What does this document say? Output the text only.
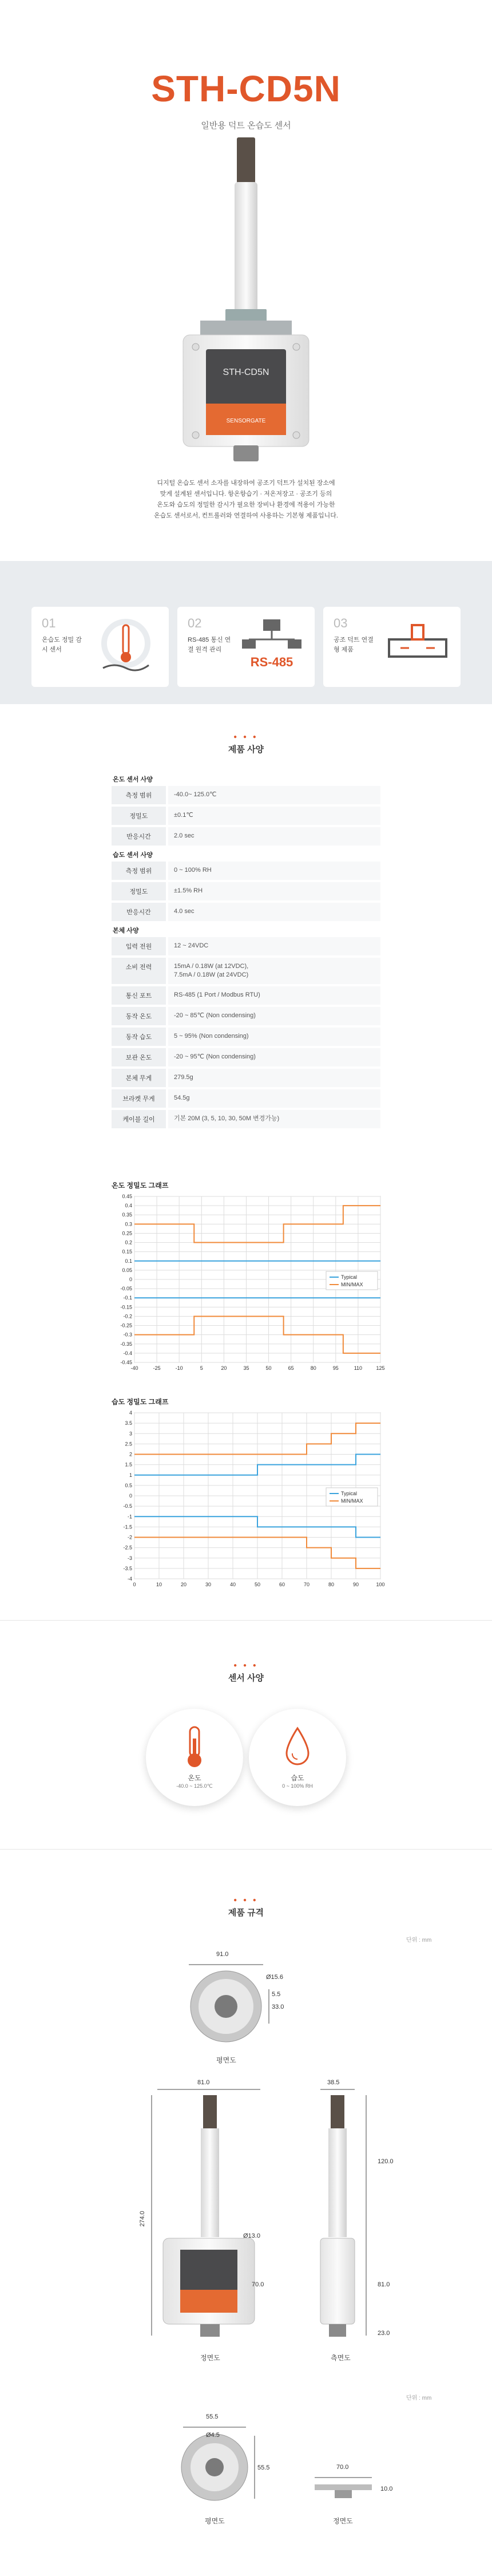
STH-CD5N
일반용 덕트 온습도 센서
STH-CD5N
SENSORGATE
디지털 온습도 센서 소자를 내장하여 공조기 덕트가 설치된 장소에
맞게 설계된 센서입니다. 항온항습기 · 저온저장고 · 공조기 등의
온도와 습도의 정밀한 감시가 필요한 장비나 환경에 적용이 가능한
온습도 센서로서, 컨트롤러와 연결하여 사용하는 기본형 제품입니다.
01
온습도 정밀 감시 센서
02
RS-485 통신 연결 원격 관리
RS-485
03
공조 덕트 연결형 제품
● ● ●
제품 사양
온도 센서 사양
측정 범위	-40.0~ 125.0℃
정밀도	±0.1℃
반응시간	2.0 sec
습도 센서 사양
측정 범위	0 ~ 100% RH
정밀도	±1.5% RH
반응시간	4.0 sec
본체 사양
입력 전원	12 ~ 24VDC
소비 전력	15mA / 0.18W (at 12VDC),
7.5mA / 0.18W (at 24VDC)
통신 포트	RS-485 (1 Port / Modbus RTU)
동작 온도	-20 ~ 85℃ (Non condensing)
동작 습도	5 ~ 95% (Non condensing)
보관 온도	-20 ~ 95℃ (Non condensing)
본체 무게	279.5g
브라켓 무게	54.5g
케이블 길이	기본 20M (3, 5, 10, 30, 50M 변경가능)
온도 정밀도 그래프
0.45
0.4
0.35
0.3
0.25
0.2
0.15
0.1
0.05
0
-0.05
-0.1
-0.15
-0.2
-0.25
-0.3
-0.35
-0.4
-0.45
-40	-25	-10	5	20	35	50	65	80	95	110	125
Typical
MIN/MAX
습도 정밀도 그래프
4
3.5
3
2.5
2
1.5
1
0.5
0
-0.5
-1
-1.5
-2
-2.5
-3
-3.5
-4
0	10	20	30	40	50	60	70	80	90	100
Typical
MIN/MAX
● ● ●
센서 사양
온도
-40.0 ~ 125.0℃
습도
0 ~ 100% RH
● ● ●
제품 규격
단위 : mm
91.0
Ø15.6
5.5
33.0
평면도
81.0
274.0
Ø13.0
70.0
정면도
38.5
120.0
81.0
23.0
측면도
단위 : mm
55.5
Ø4.5
55.5
평면도
70.0
10.0
정면도
